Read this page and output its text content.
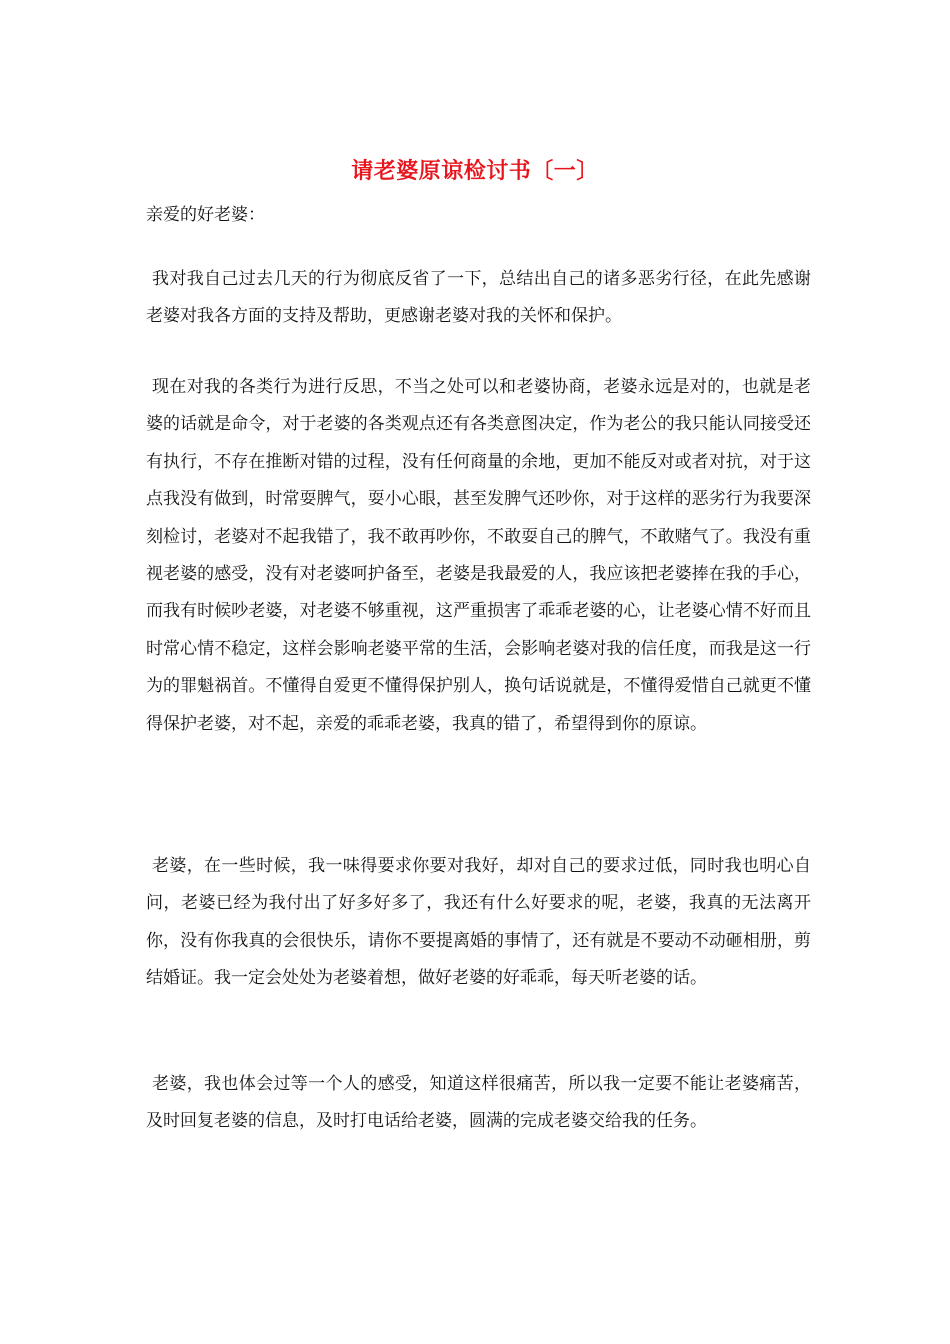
请老婆原谅检讨书〔一〕
亲爱的好老婆：

我对我自己过去几天的行为彻底反省了一下，总结出自己的诸多恶劣行径，在此先感谢老婆对我各方面的支持及帮助，更感谢老婆对我的关怀和保护。

现在对我的各类行为进行反思，不当之处可以和老婆协商，老婆永远是对的，也就是老婆的话就是命令，对于老婆的各类观点还有各类意图决定，作为老公的我只能认同接受还有执行，不存在推断对错的过程，没有任何商量的余地，更加不能反对或者对抗，对于这点我没有做到，时常耍脾气，耍小心眼，甚至发脾气还吵你，对于这样的恶劣行为我要深刻检讨，老婆对不起我错了，我不敢再吵你，不敢耍自己的脾气，不敢赌气了。我没有重视老婆的感受，没有对老婆呵护备至，老婆是我最爱的人，我应该把老婆捧在我的手心，而我有时候吵老婆，对老婆不够重视，这严重损害了乖乖老婆的心，让老婆心情不好而且时常心情不稳定，这样会影响老婆平常的生活，会影响老婆对我的信任度，而我是这一行为的罪魁祸首。不懂得自爱更不懂得保护别人，换句话说就是，不懂得爱惜自己就更不懂得保护老婆，对不起，亲爱的乖乖老婆，我真的错了，希望得到你的原谅。

老婆，在一些时候，我一味得要求你要对我好，却对自己的要求过低，同时我也明心自问，老婆已经为我付出了好多好多了，我还有什么好要求的呢，老婆，我真的无法离开你，没有你我真的会很快乐，请你不要提离婚的事情了，还有就是不要动不动砸相册，剪结婚证。我一定会处处为老婆着想，做好老婆的好乖乖，每天听老婆的话。

老婆，我也体会过等一个人的感受，知道这样很痛苦，所以我一定要不能让老婆痛苦，及时回复老婆的信息，及时打电话给老婆，圆满的完成老婆交给我的任务。
